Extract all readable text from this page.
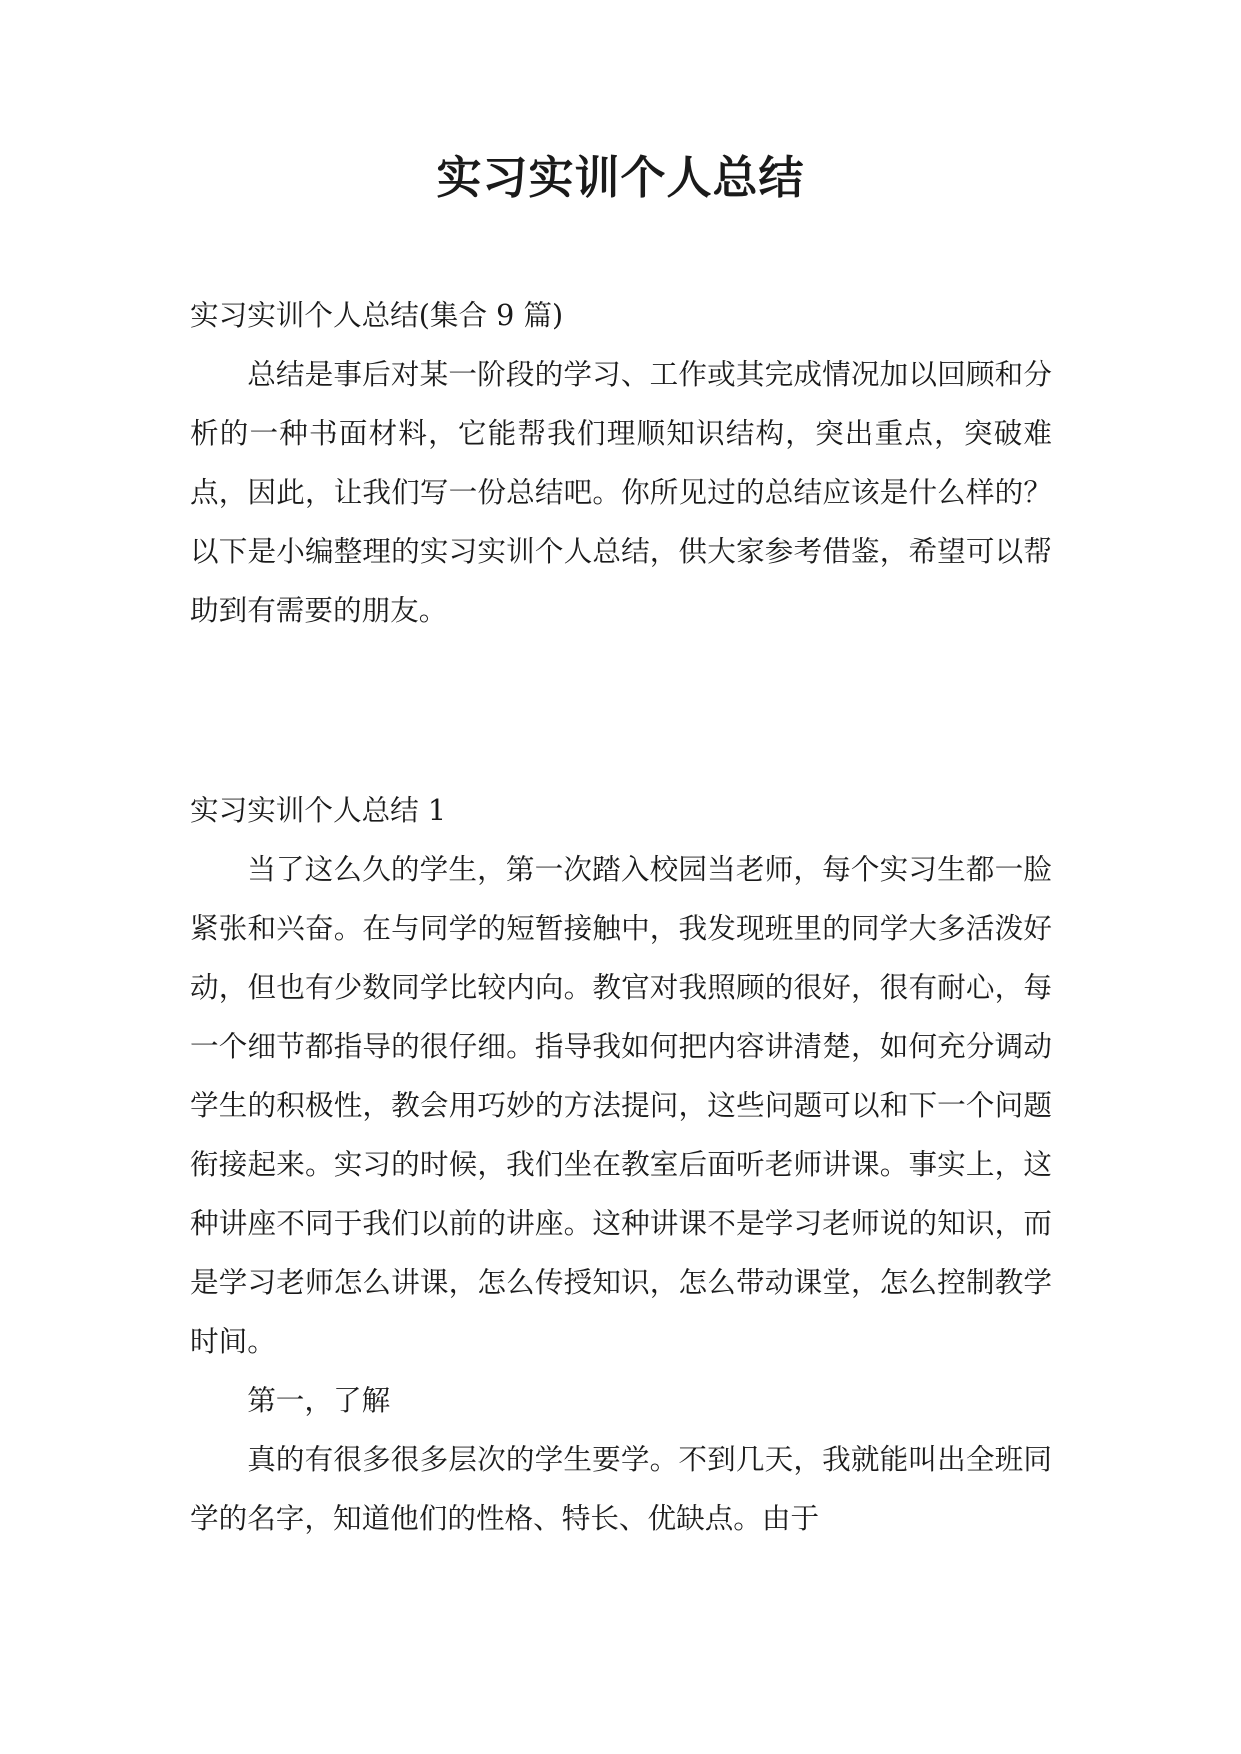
实习实训个人总结

实习实训个人总结(集合 9 篇)

总结是事后对某一阶段的学习、工作或其完成情况加以回顾和分析的一种书面材料，它能帮我们理顺知识结构，突出重点，突破难点，因此，让我们写一份总结吧。你所见过的总结应该是什么样的？以下是小编整理的实习实训个人总结，供大家参考借鉴，希望可以帮助到有需要的朋友。

实习实训个人总结 1

当了这么久的学生，第一次踏入校园当老师，每个实习生都一脸紧张和兴奋。在与同学的短暂接触中，我发现班里的同学大多活泼好动，但也有少数同学比较内向。教官对我照顾的很好，很有耐心，每一个细节都指导的很仔细。指导我如何把内容讲清楚，如何充分调动学生的积极性，教会用巧妙的方法提问，这些问题可以和下一个问题衔接起来。实习的时候，我们坐在教室后面听老师讲课。事实上，这种讲座不同于我们以前的讲座。这种讲课不是学习老师说的知识，而是学习老师怎么讲课，怎么传授知识，怎么带动课堂，怎么控制教学时间。

第一，了解

真的有很多很多层次的学生要学。不到几天，我就能叫出全班同学的名字，知道他们的性格、特长、优缺点。由于
